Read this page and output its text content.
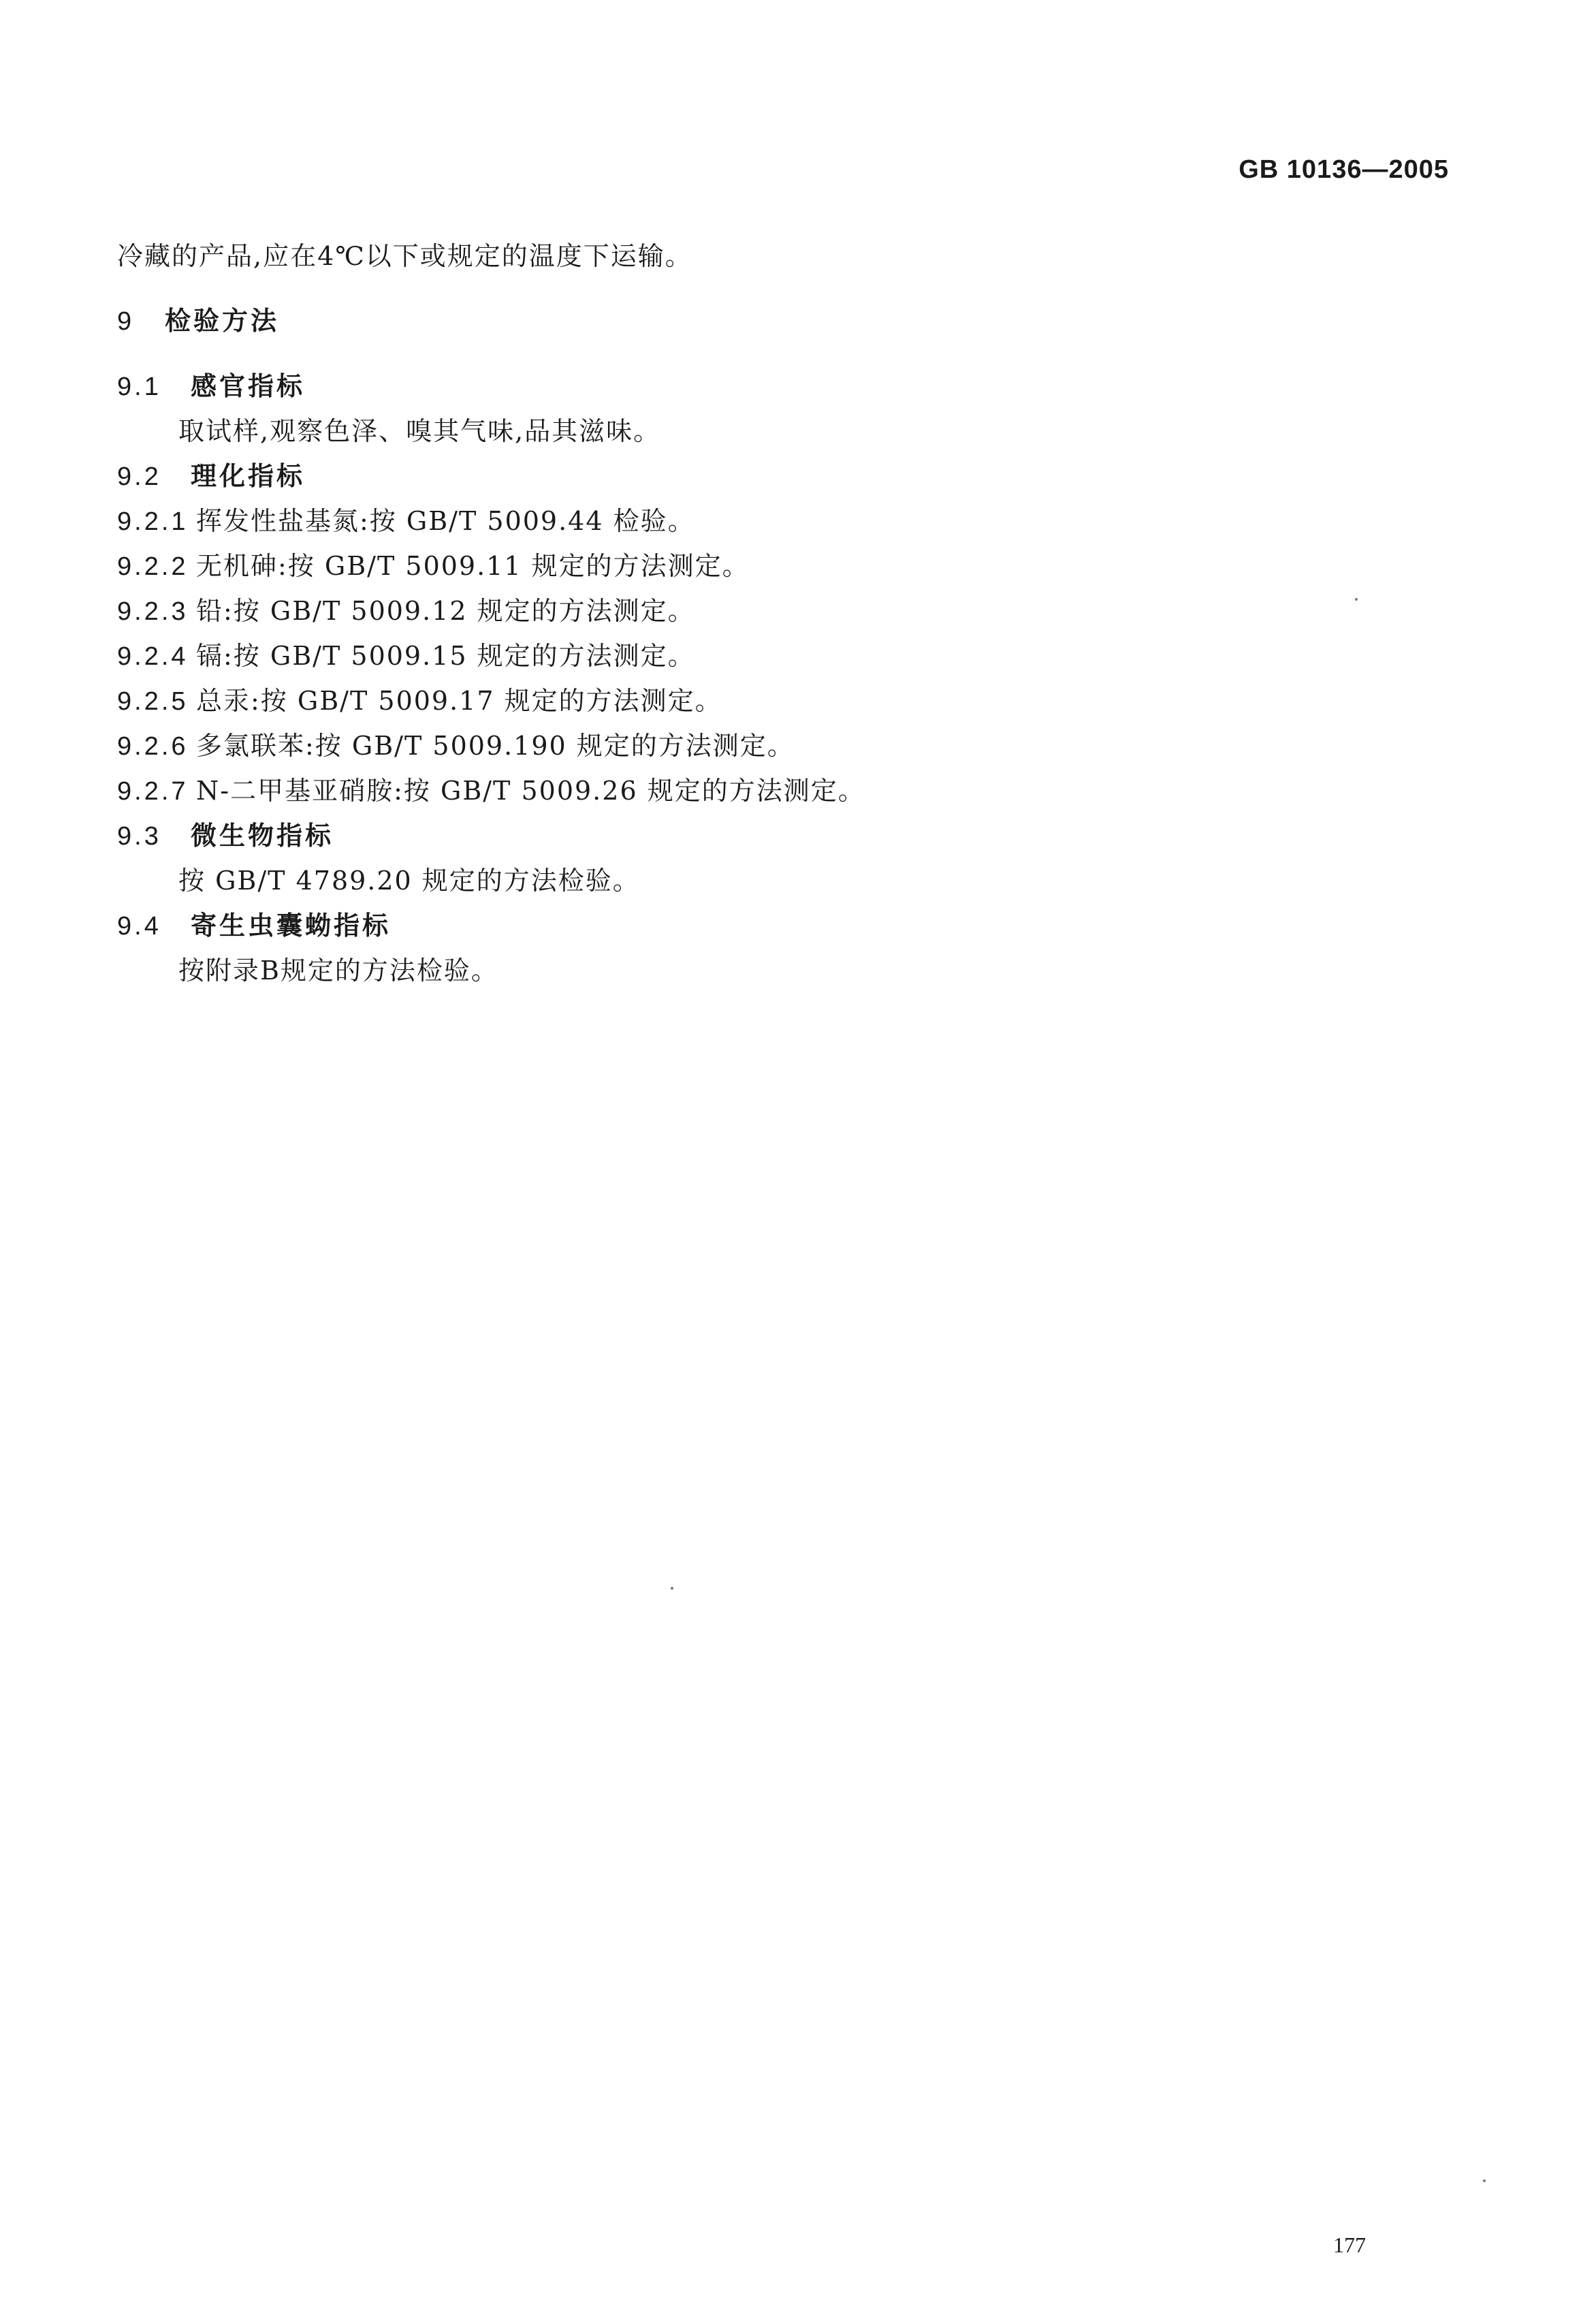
GB 10136—2005
冷藏的产品,应在4℃以下或规定的温度下运输。
9 检验方法
9.1 感官指标
取试样,观察色泽、嗅其气味,品其滋味。
9.2 理化指标
9.2.1 挥发性盐基氮:按 GB/T 5009.44 检验。
9.2.2 无机砷:按 GB/T 5009.11 规定的方法测定。
9.2.3 铅:按 GB/T 5009.12 规定的方法测定。
9.2.4 镉:按 GB/T 5009.15 规定的方法测定。
9.2.5 总汞:按 GB/T 5009.17 规定的方法测定。
9.2.6 多氯联苯:按 GB/T 5009.190 规定的方法测定。
9.2.7 N-二甲基亚硝胺:按 GB/T 5009.26 规定的方法测定。
9.3 微生物指标
按 GB/T 4789.20 规定的方法检验。
9.4 寄生虫囊蚴指标
按附录B规定的方法检验。
177
